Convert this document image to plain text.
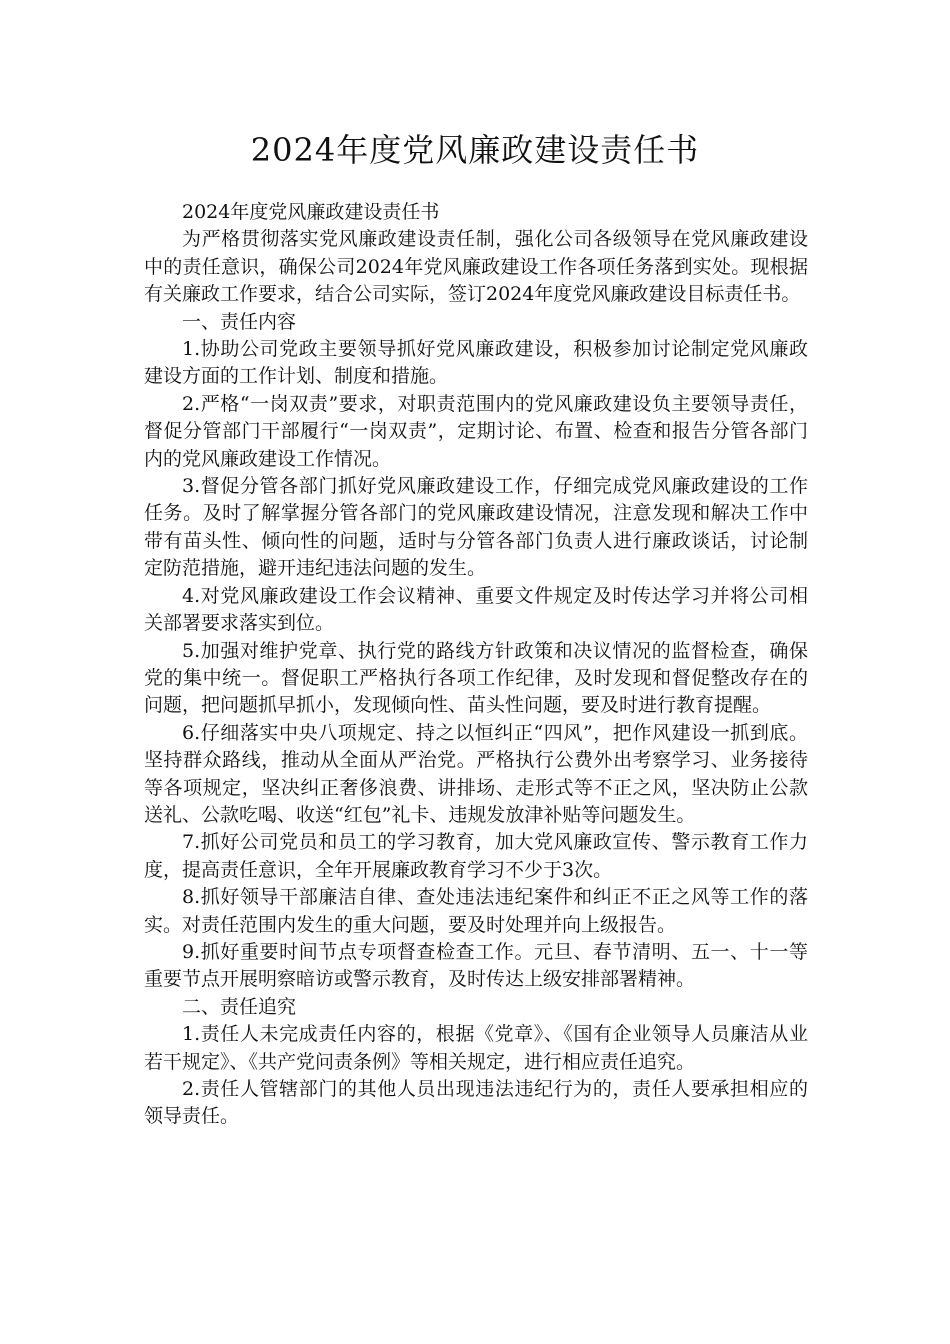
2024年度党风廉政建设责任书

2024年度党风廉政建设责任书

为严格贯彻落实党风廉政建设责任制，强化公司各级领导在党风廉政建设中的责任意识，确保公司2024年党风廉政建设工作各项任务落到实处。现根据有关廉政工作要求，结合公司实际，签订2024年度党风廉政建设目标责任书。

一、责任内容

1.协助公司党政主要领导抓好党风廉政建设，积极参加讨论制定党风廉政建设方面的工作计划、制度和措施。

2.严格“一岗双责”要求，对职责范围内的党风廉政建设负主要领导责任，督促分管部门干部履行“一岗双责”，定期讨论、布置、检查和报告分管各部门内的党风廉政建设工作情况。

3.督促分管各部门抓好党风廉政建设工作，仔细完成党风廉政建设的工作任务。及时了解掌握分管各部门的党风廉政建设情况，注意发现和解决工作中带有苗头性、倾向性的问题，适时与分管各部门负责人进行廉政谈话，讨论制定防范措施，避开违纪违法问题的发生。

4.对党风廉政建设工作会议精神、重要文件规定及时传达学习并将公司相关部署要求落实到位。

5.加强对维护党章、执行党的路线方针政策和决议情况的监督检查，确保党的集中统一。督促职工严格执行各项工作纪律，及时发现和督促整改存在的问题，把问题抓早抓小，发现倾向性、苗头性问题，要及时进行教育提醒。

6.仔细落实中央八项规定、持之以恒纠正“四风”，把作风建设一抓到底。坚持群众路线，推动从全面从严治党。严格执行公费外出考察学习、业务接待等各项规定，坚决纠正奢侈浪费、讲排场、走形式等不正之风，坚决防止公款送礼、公款吃喝、收送“红包”礼卡、违规发放津补贴等问题发生。

7.抓好公司党员和员工的学习教育，加大党风廉政宣传、警示教育工作力度，提高责任意识，全年开展廉政教育学习不少于3次。

8.抓好领导干部廉洁自律、查处违法违纪案件和纠正不正之风等工作的落实。对责任范围内发生的重大问题，要及时处理并向上级报告。

9.抓好重要时间节点专项督查检查工作。元旦、春节清明、五一、十一等重要节点开展明察暗访或警示教育，及时传达上级安排部署精神。

二、责任追究

1.责任人未完成责任内容的，根据《党章》、《国有企业领导人员廉洁从业若干规定》、《共产党问责条例》等相关规定，进行相应责任追究。

2.责任人管辖部门的其他人员出现违法违纪行为的，责任人要承担相应的领导责任。
